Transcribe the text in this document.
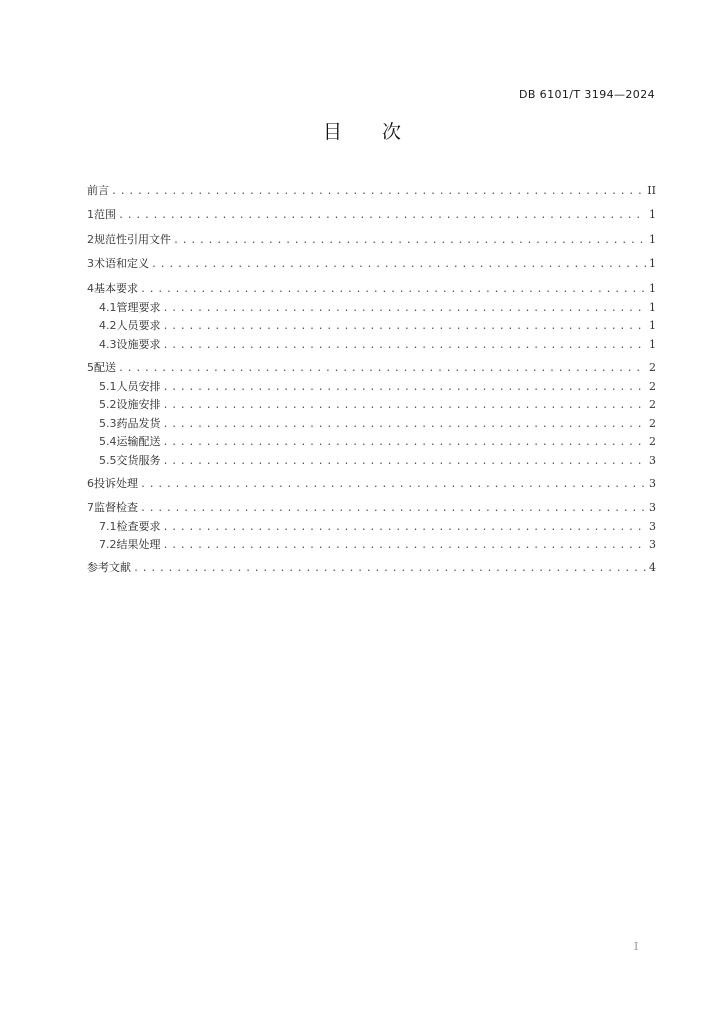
DB 6101/T 3194—2024
目 次
前言 .....	II
1 范围 .....	1
2 规范性引用文件 .....	1
3 术语和定义 .....	1
4 基本要求 .....	1
4.1 管理要求 .....	1
4.2 人员要求 .....	1
4.3 设施要求 .....	1
5 配送 .....	2
5.1 人员安排 .....	2
5.2 设施安排 .....	2
5.3 药品发货 .....	2
5.4 运输配送 .....	2
5.5 交货服务 .....	3
6 投诉处理 .....	3
7 监督检查 .....	3
7.1 检查要求 .....	3
7.2 结果处理 .....	3
参考文献 .....	4
I
